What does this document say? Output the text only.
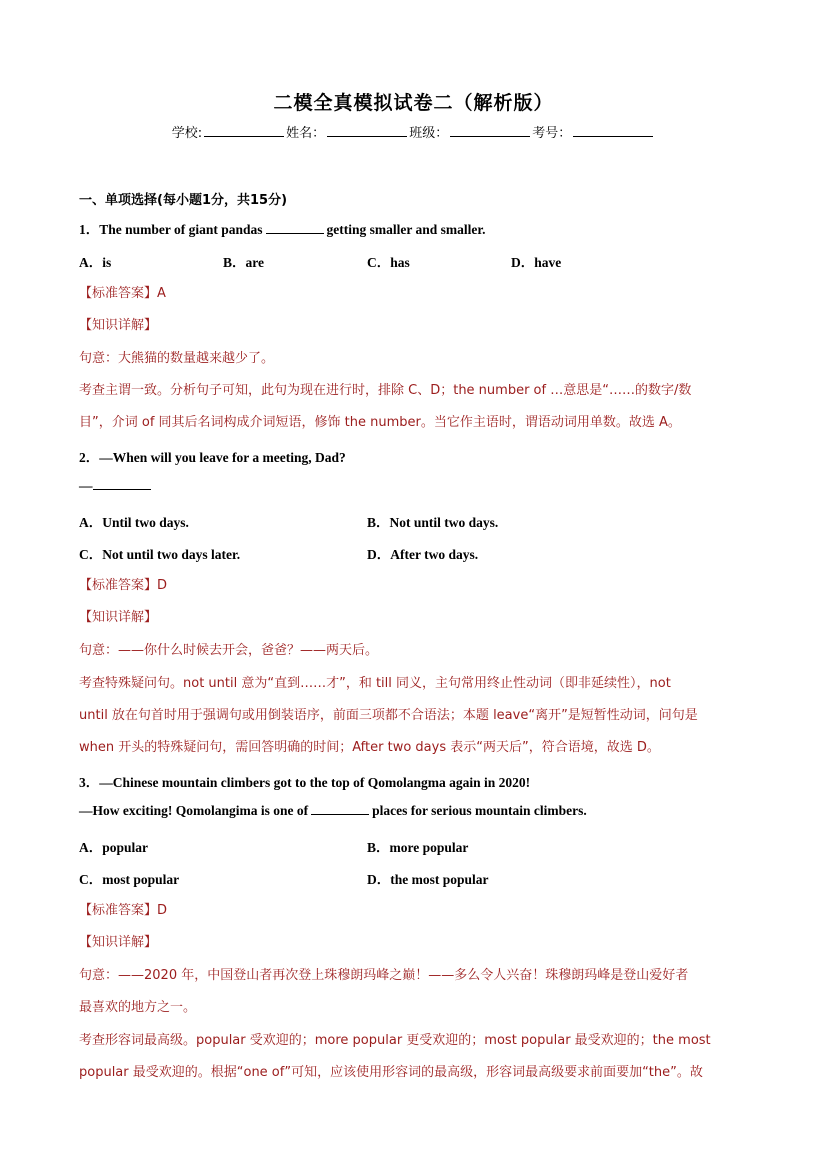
二模全真模拟试卷二（解析版）
学校:	姓名：	班级：	考号：
一、单项选择(每小题1分，共15分)
1．The number of giant pandas	getting smaller and smaller.
A．is	B．are	C．has	D．have
【标准答案】A
【知识详解】
句意：大熊猫的数量越来越少了。
考查主谓一致。分析句子可知，此句为现在进行时，排除 C、D；the number of …意思是“……的数字/数
目”，介词 of 同其后名词构成介词短语，修饰 the number。当它作主语时，谓语动词用单数。故选 A。
2．—When will you leave for a meeting, Dad?
—
A．Until two days.	B．Not until two days.
C．Not until two days later.	D．After two days.
【标准答案】D
【知识详解】
句意：——你什么时候去开会，爸爸？——两天后。
考查特殊疑问句。not until 意为“直到……才”，和 till 同义，主句常用终止性动词（即非延续性），not
until 放在句首时用于强调句或用倒装语序，前面三项都不合语法；本题 leave“离开”是短暂性动词，问句是
when 开头的特殊疑问句，需回答明确的时间；After two days 表示“两天后”，符合语境，故选 D。
3．—Chinese mountain climbers got to the top of Qomolangma again in 2020!
—How exciting! Qomolangima is one of	places for serious mountain climbers.
A．popular	B．more popular
C．most popular	D．the most popular
【标准答案】D
【知识详解】
句意：——2020 年，中国登山者再次登上珠穆朗玛峰之巅！——多么令人兴奋！珠穆朗玛峰是登山爱好者
最喜欢的地方之一。
考查形容词最高级。popular 受欢迎的；more popular 更受欢迎的；most popular 最受欢迎的；the most
popular 最受欢迎的。根据“one of”可知，应该使用形容词的最高级，形容词最高级要求前面要加“the”。故
